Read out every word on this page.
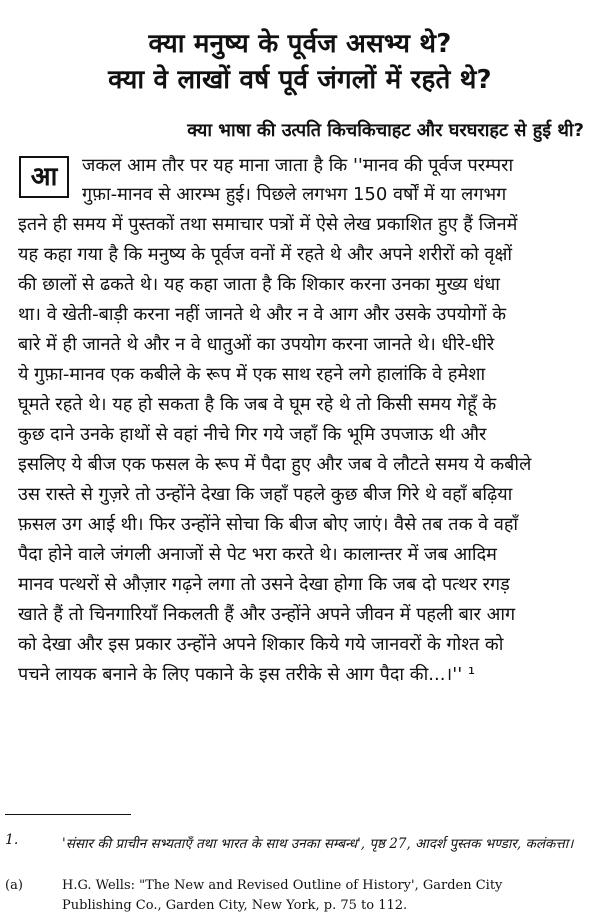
क्या मनुष्य के पूर्वज असभ्य थे?
क्या वे लाखों वर्ष पूर्व जंगलों में रहते थे?
क्या भाषा की उत्पति किचकिचाहट और घरघराहट से हुई थी?
आ	जकल आम तौर पर यह माना जाता है कि ''मानव की पूर्वज परम्परा
गुफ़ा-मानव से आरम्भ हुई। पिछले लगभग 150 वर्षों में या लगभग
इतने ही समय में पुस्तकों तथा समाचार पत्रों में ऐसे लेख प्रकाशित हुए हैं जिनमें
यह कहा गया है कि मनुष्य के पूर्वज वनों में रहते थे और अपने शरीरों को वृक्षों
की छालों से ढकते थे। यह कहा जाता है कि शिकार करना उनका मुख्य धंधा
था। वे खेती-बाड़ी करना नहीं जानते थे और न वे आग और उसके उपयोगों के
बारे में ही जानते थे और न वे धातुओं का उपयोग करना जानते थे। धीरे-धीरे
ये गुफ़ा-मानव एक कबीले के रूप में एक साथ रहने लगे हालांकि वे हमेशा
घूमते रहते थे। यह हो सकता है कि जब वे घूम रहे थे तो किसी समय गेहूँ के
कुछ दाने उनके हाथों से वहां नीचे गिर गये जहाँ कि भूमि उपजाऊ थी और
इसलिए ये बीज एक फसल के रूप में पैदा हुए और जब वे लौटते समय ये कबीले
उस रास्ते से गुज़रे तो उन्होंने देखा कि जहाँ पहले कुछ बीज गिरे थे वहाँ बढ़िया
फ़सल उग आई थी। फिर उन्होंने सोचा कि बीज बोए जाएं। वैसे तब तक वे वहाँ
पैदा होने वाले जंगली अनाजों से पेट भरा करते थे। कालान्तर में जब आदिम
मानव पत्थरों से औज़ार गढ़ने लगा तो उसने देखा होगा कि जब दो पत्थर रगड़
खाते हैं तो चिनगारियाँ निकलती हैं और उन्होंने अपने जीवन में पहली बार आग
को देखा और इस प्रकार उन्होंने अपने शिकार किये गये जानवरों के गोश्त को
पचने लायक बनाने के लिए पकाने के इस तरीके से आग पैदा की...।'' ¹
1.	'संसार की प्राचीन सभ्यताएँ तथा भारत के साथ उनका सम्बन्ध', पृष्ठ 27, आदर्श पुस्तक भण्डार, कलंकत्ता।
(a)	H.G. Wells: "The New and Revised Outline of History', Garden City
Publishing Co., Garden City, New York, p. 75 to 112.
